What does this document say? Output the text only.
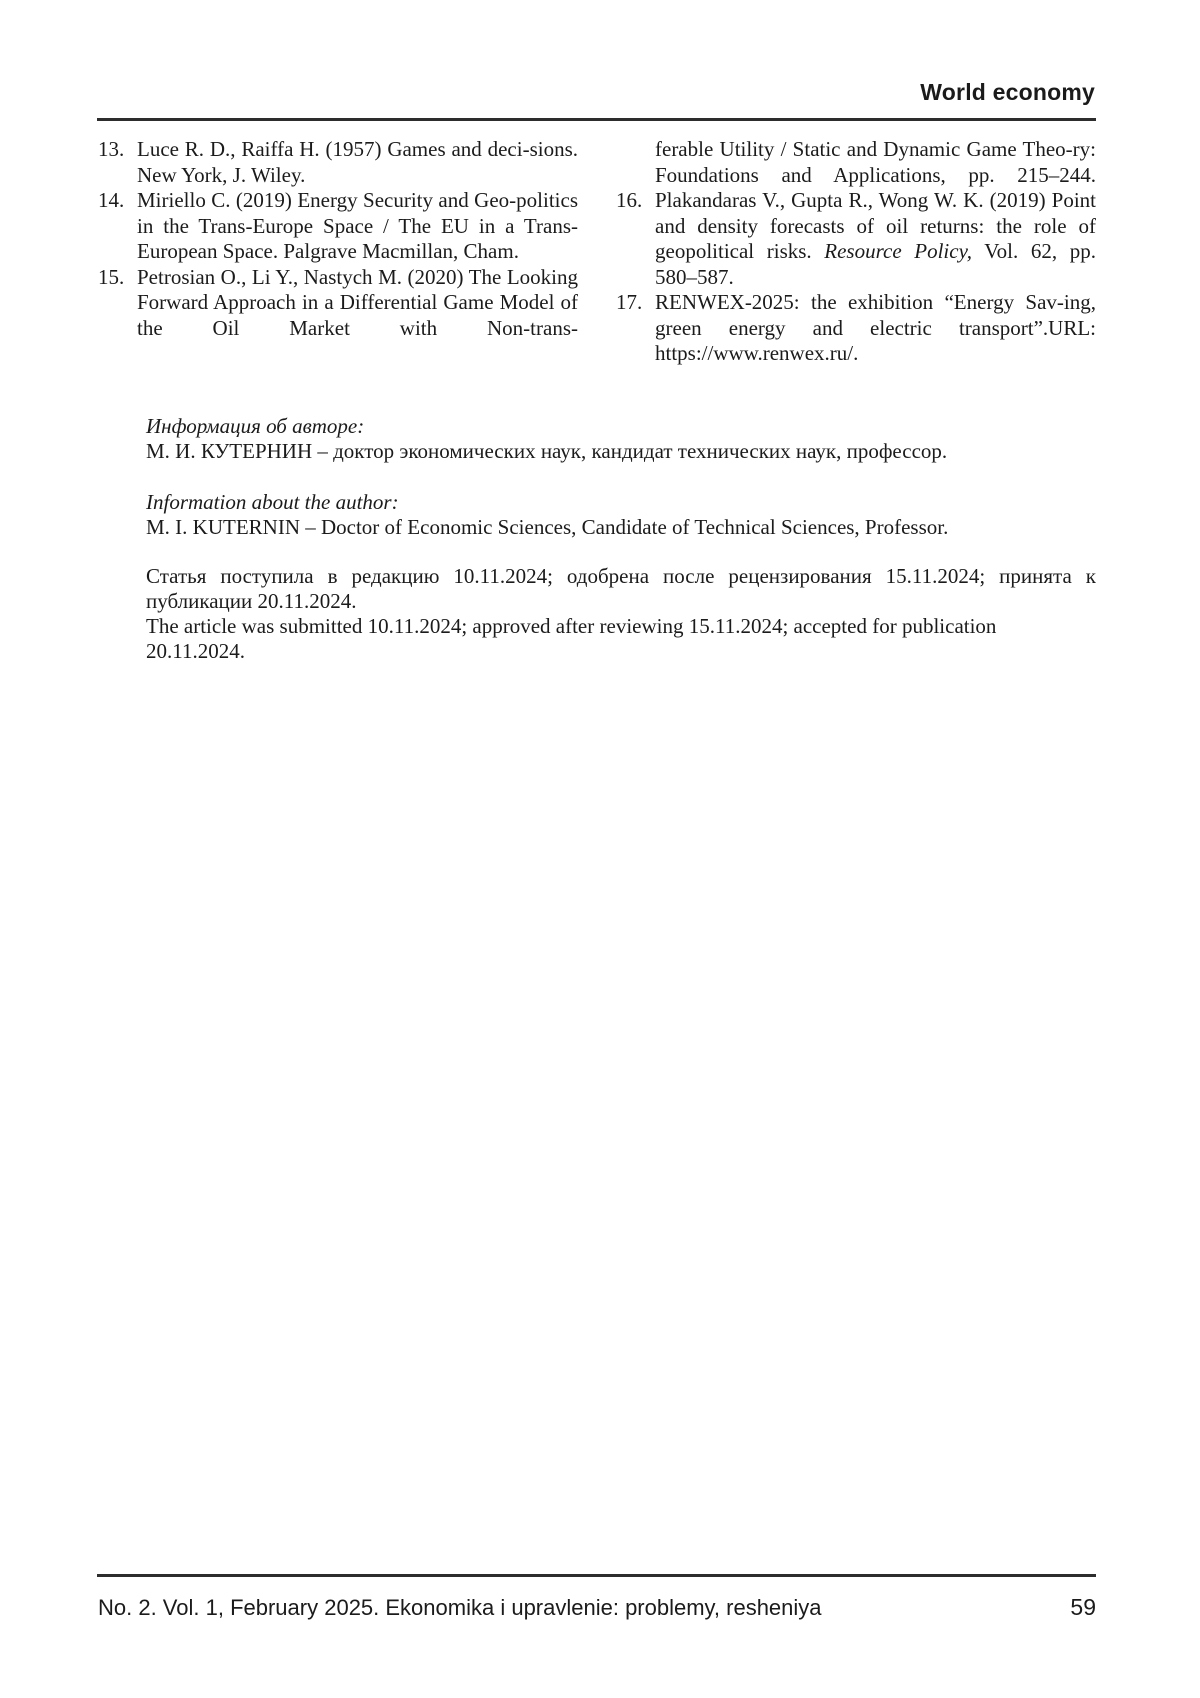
World economy
13. Luce R. D., Raiffa H. (1957) Games and deci-sions. New York, J. Wiley.
14. Miriello C. (2019) Energy Security and Geo-politics in the Trans-Europe Space / The EU in a Trans-European Space. Palgrave Macmillan, Cham.
15. Petrosian O., Li Y., Nastych M. (2020) The Looking Forward Approach in a Differential Game Model of the Oil Market with Non-trans-
ferable Utility / Static and Dynamic Game Theo-ry: Foundations and Applications, pp. 215–244.
16. Plakandaras V., Gupta R., Wong W. K. (2019) Point and density forecasts of oil returns: the role of geopolitical risks. Resource Policy, Vol. 62, pp. 580–587.
17. RENWEX-2025: the exhibition “Energy Sav-ing, green energy and electric transport”.URL: https://www.renwex.ru/.
Информация об авторе:
М. И. КУТЕРНИН – доктор экономических наук, кандидат технических наук, профессор.
Information about the author:
M. I. KUTERNIN – Doctor of Economic Sciences, Candidate of Technical Sciences, Professor.
Статья поступила в редакцию 10.11.2024; одобрена после рецензирования 15.11.2024; принята к публикации 20.11.2024.
The article was submitted 10.11.2024; approved after reviewing 15.11.2024; accepted for publication 20.11.2024.
No. 2. Vol. 1, February 2025. Ekonomika i upravlenie: problemy, resheniya	59
